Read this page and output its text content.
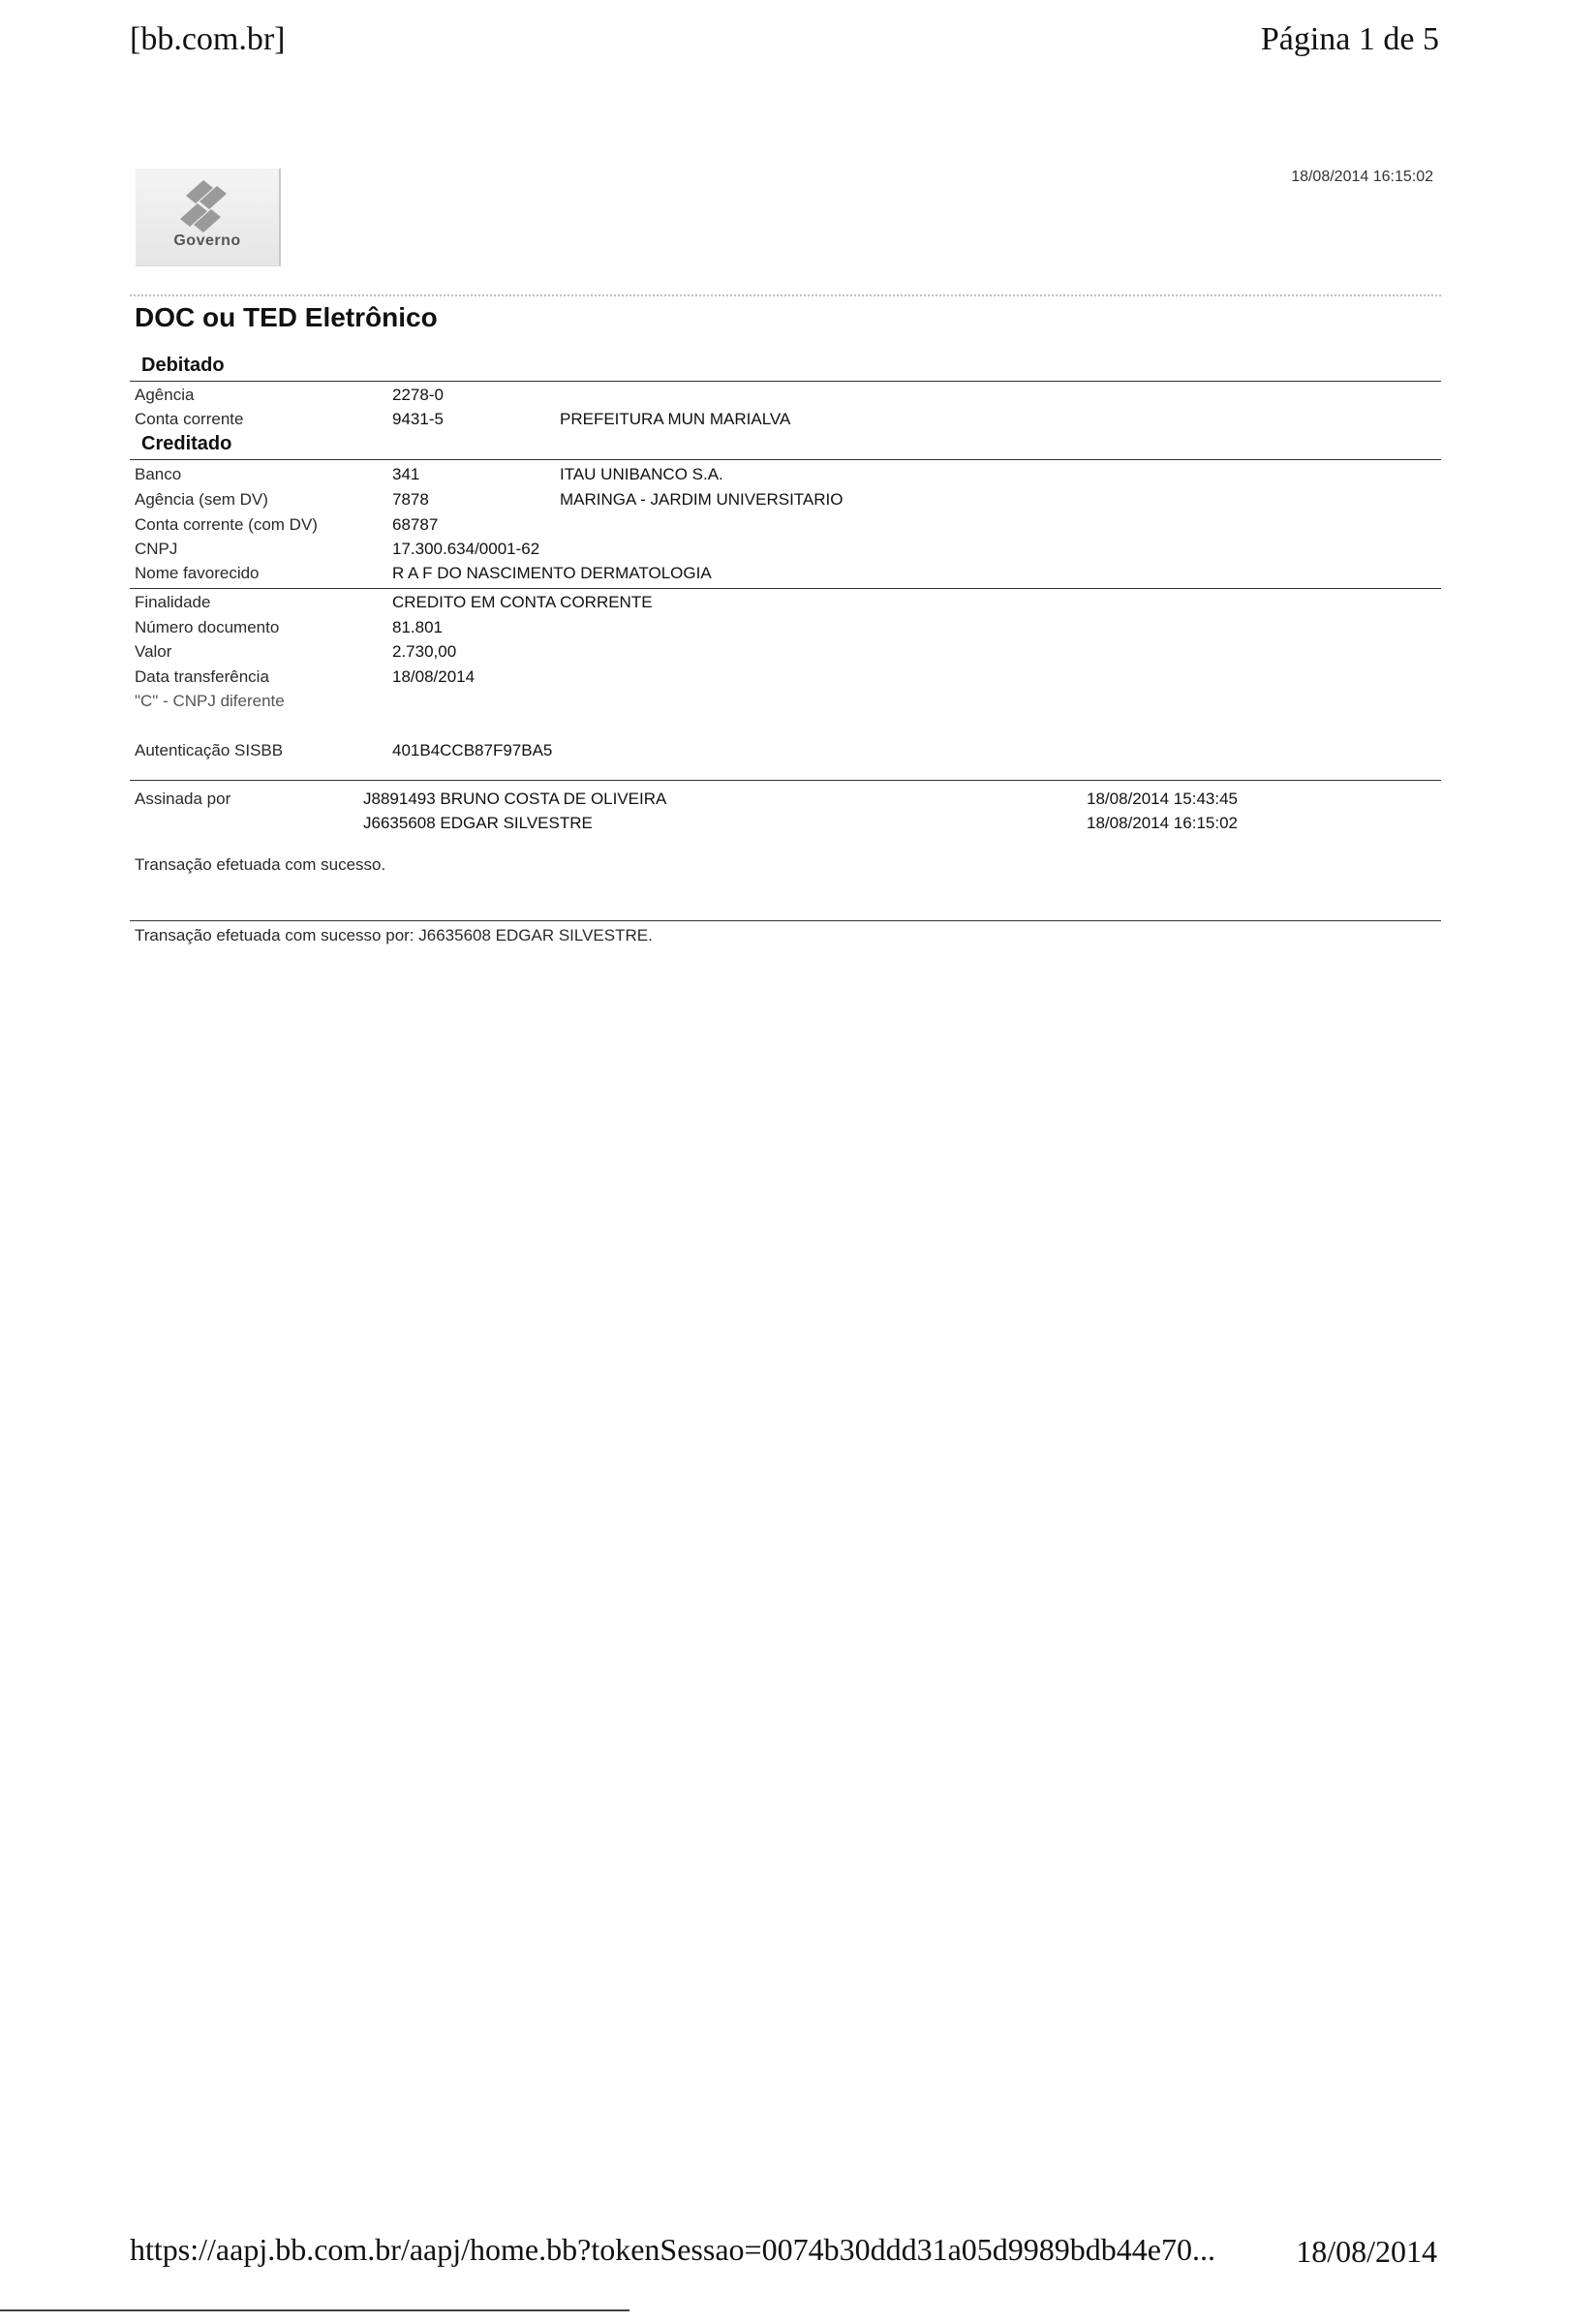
[bb.com.br]	Página 1 de 5
Governo
18/08/2014 16:15:02
DOC ou TED Eletrônico
Debitado
Agência	2278-0
Conta corrente	9431-5	PREFEITURA MUN MARIALVA
Creditado
Banco	341	ITAU UNIBANCO S.A.
Agência (sem DV)	7878	MARINGA - JARDIM UNIVERSITARIO
Conta corrente (com DV)	68787
CNPJ	17.300.634/0001-62
Nome favorecido	R A F DO NASCIMENTO DERMATOLOGIA
Finalidade	CREDITO EM CONTA CORRENTE
Número documento	81.801
Valor	2.730,00
Data transferência	18/08/2014
"C" - CNPJ diferente
Autenticação SISBB	401B4CCB87F97BA5
Assinada por	J8891493 BRUNO COSTA DE OLIVEIRA	18/08/2014 15:43:45
J6635608 EDGAR SILVESTRE	18/08/2014 16:15:02
Transação efetuada com sucesso.
Transação efetuada com sucesso por: J6635608 EDGAR SILVESTRE.
https://aapj.bb.com.br/aapj/home.bb?tokenSessao=0074b30ddd31a05d9989bdb44e70...	18/08/2014
